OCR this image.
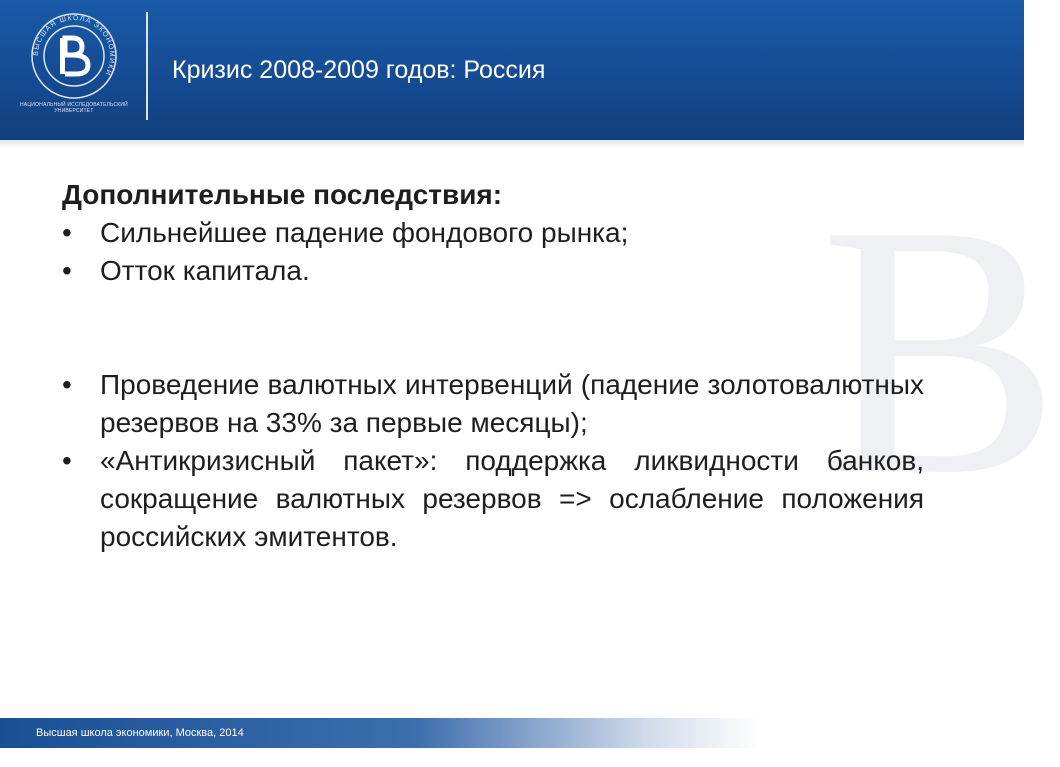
ВЫСШАЯ ШКОЛА ЭКОНОМИКИ
НАЦИОНАЛЬНЫЙ ИССЛЕДОВАТЕЛЬСКИЙ
УНИВЕРСИТЕТ
Кризис 2008-2009 годов: Россия
В

Дополнительные последствия:

• Сильнейшее падение фондового рынка;
• Отток капитала.
• Проведение валютных интервенций (падение золотовалютных резервов на 33% за первые месяцы);
• «Антикризисный пакет»: поддержка ликвидности банков, сокращение валютных резервов => ослабление положения российских эмитентов.
Высшая школа экономики, Москва, 2014
